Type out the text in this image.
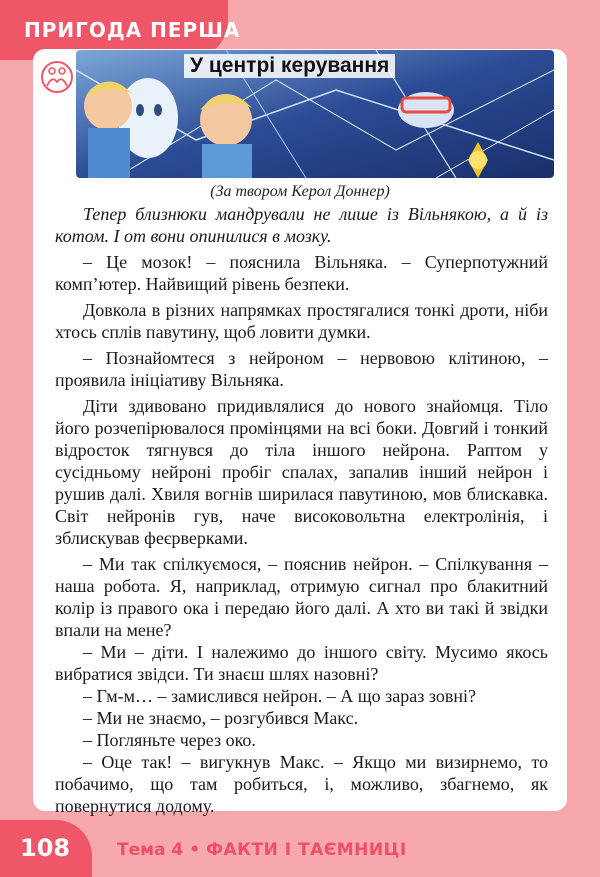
ПРИГОДА ПЕРША
У центрі керування
(За твором Керол Доннер)

Тепер близнюки мандрували не лише із Вільнякою, а й із котом. І от вони опинилися в мозку.

– Це мозок! – пояснила Вільняка. – Суперпотужний комп’ютер. Найвищий рівень безпеки.

Довкола в різних напрямках простягалися тонкі дроти, ніби хтось сплів павутину, щоб ловити думки.

– Познайомтеся з нейроном – нервовою клітиною, – проявила ініціативу Вільняка.

Діти здивовано придивлялися до нового знайомця. Тіло його розчепірювалося промінцями на всі боки. Довгий і тонкий відросток тягнувся до тіла іншого нейрона. Раптом у сусідньому нейроні пробіг спалах, запалив інший нейрон і рушив далі. Хвиля вогнів ширилася павутиною, мов блискавка. Світ нейронів гув, наче високовольтна електролінія, і зблискував феєрверками.

– Ми так спілкуємося, – пояснив нейрон. – Спілкування – наша робота. Я, наприклад, отримую сигнал про блакитний колір із правого ока і передаю його далі. А хто ви такі й звідки впали на мене?

– Ми – діти. І належимо до іншого світу. Мусимо якось вибратися звідси. Ти знаєш шлях назовні?

– Гм-м… – замислився нейрон. – А що зараз зовні?

– Ми не знаємо, – розгубився Макс.

– Погляньте через око.

– Оце так! – вигукнув Макс. – Якщо ми визирнемо, то побачимо, що там робиться, і, можливо, збагнемо, як повернутися додому.

108	Тема 4 • ФАКТИ І ТАЄМНИЦІ
